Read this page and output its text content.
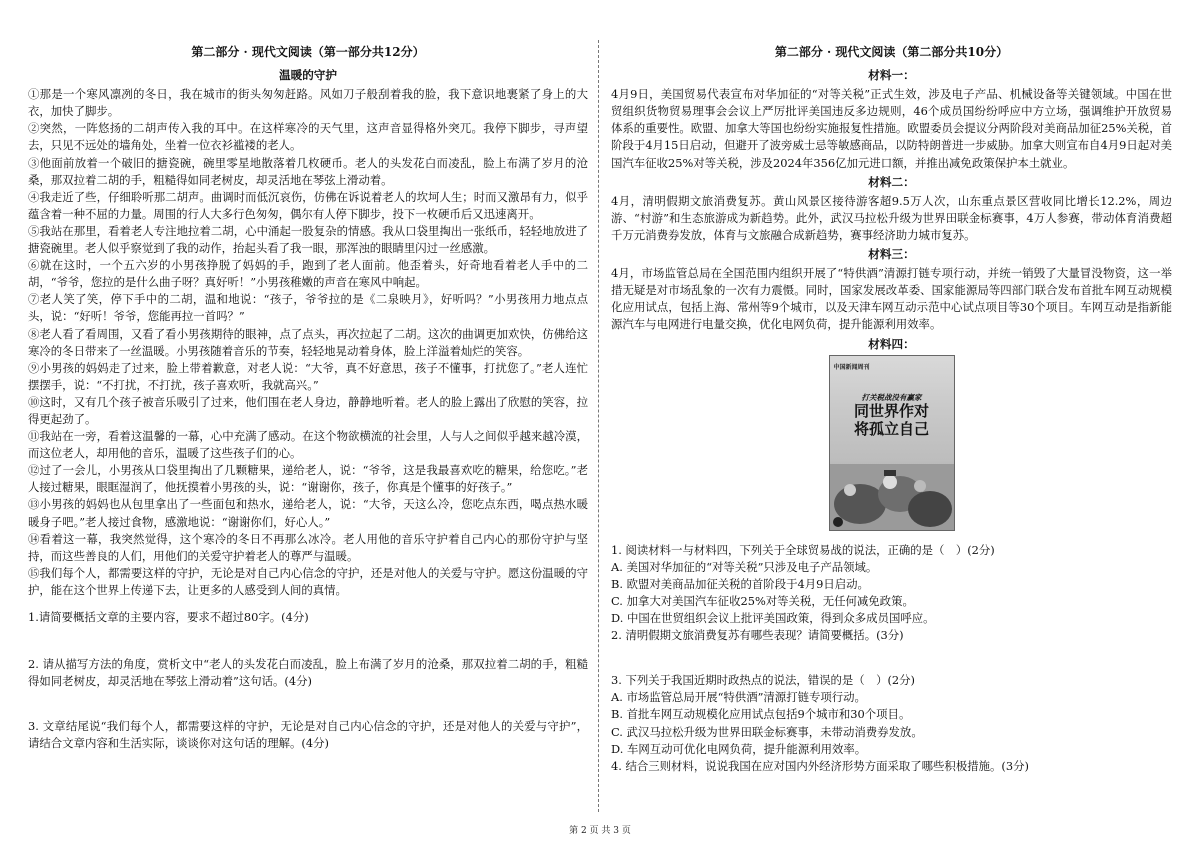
第二部分 · 现代文阅读（第一部分共12分）
温暖的守护

①那是一个寒风凛冽的冬日，我在城市的街头匆匆赶路。风如刀子般刮着我的脸，我下意识地裹紧了身上的大衣，加快了脚步。

②突然，一阵悠扬的二胡声传入我的耳中。在这样寒冷的天气里，这声音显得格外突兀。我停下脚步，寻声望去，只见不远处的墙角处，坐着一位衣衫褴褛的老人。

③他面前放着一个破旧的搪瓷碗，碗里零星地散落着几枚硬币。老人的头发花白而凌乱，脸上布满了岁月的沧桑，那双拉着二胡的手，粗糙得如同老树皮，却灵活地在琴弦上滑动着。

④我走近了些，仔细聆听那二胡声。曲调时而低沉哀伤，仿佛在诉说着老人的坎坷人生；时而又激昂有力，似乎蕴含着一种不屈的力量。周围的行人大多行色匆匆，偶尔有人停下脚步，投下一枚硬币后又迅速离开。

⑤我站在那里，看着老人专注地拉着二胡，心中涌起一股复杂的情感。我从口袋里掏出一张纸币，轻轻地放进了搪瓷碗里。老人似乎察觉到了我的动作，抬起头看了我一眼，那浑浊的眼睛里闪过一丝感激。

⑥就在这时，一个五六岁的小男孩挣脱了妈妈的手，跑到了老人面前。他歪着头，好奇地看着老人手中的二胡，“爷爷，您拉的是什么曲子呀？真好听！”小男孩稚嫩的声音在寒风中响起。

⑦老人笑了笑，停下手中的二胡，温和地说：“孩子，爷爷拉的是《二泉映月》，好听吗？”小男孩用力地点点头，说：“好听！爷爷，您能再拉一首吗？”

⑧老人看了看周围，又看了看小男孩期待的眼神，点了点头，再次拉起了二胡。这次的曲调更加欢快，仿佛给这寒冷的冬日带来了一丝温暖。小男孩随着音乐的节奏，轻轻地晃动着身体，脸上洋溢着灿烂的笑容。

⑨小男孩的妈妈走了过来，脸上带着歉意，对老人说：“大爷，真不好意思，孩子不懂事，打扰您了。”老人连忙摆摆手，说：“不打扰，不打扰，孩子喜欢听，我就高兴。”

⑩这时，又有几个孩子被音乐吸引了过来，他们围在老人身边，静静地听着。老人的脸上露出了欣慰的笑容，拉得更起劲了。

⑪我站在一旁，看着这温馨的一幕，心中充满了感动。在这个物欲横流的社会里，人与人之间似乎越来越冷漠，而这位老人，却用他的音乐，温暖了这些孩子们的心。

⑫过了一会儿，小男孩从口袋里掏出了几颗糖果，递给老人，说：“爷爷，这是我最喜欢吃的糖果，给您吃。”老人接过糖果，眼眶湿润了，他抚摸着小男孩的头，说：“谢谢你，孩子，你真是个懂事的好孩子。”

⑬小男孩的妈妈也从包里拿出了一些面包和热水，递给老人，说：“大爷，天这么冷，您吃点东西，喝点热水暖暖身子吧。”老人接过食物，感激地说：“谢谢你们，好心人。”

⑭看着这一幕，我突然觉得，这个寒冷的冬日不再那么冰冷。老人用他的音乐守护着自己内心的那份守护与坚持，而这些善良的人们，用他们的关爱守护着老人的尊严与温暖。

⑮我们每个人，都需要这样的守护，无论是对自己内心信念的守护，还是对他人的关爱与守护。愿这份温暖的守护，能在这个世界上传递下去，让更多的人感受到人间的真情。

1.请简要概括文章的主要内容，要求不超过80字。(4分)

2. 请从描写方法的角度，赏析文中“老人的头发花白而凌乱，脸上布满了岁月的沧桑，那双拉着二胡的手，粗糙得如同老树皮，却灵活地在琴弦上滑动着”这句话。(4分)

3. 文章结尾说“我们每个人，都需要这样的守护，无论是对自己内心信念的守护，还是对他人的关爱与守护”，请结合文章内容和生活实际，谈谈你对这句话的理解。(4分)

第二部分 · 现代文阅读（第二部分共10分）
材料一：

4月9日，美国贸易代表宣布对华加征的“对等关税”正式生效，涉及电子产品、机械设备等关键领域。中国在世贸组织货物贸易理事会会议上严厉批评美国违反多边规则，46个成员国纷纷呼应中方立场，强调维护开放贸易体系的重要性。欧盟、加拿大等国也纷纷实施报复性措施。欧盟委员会提议分两阶段对美商品加征25%关税，首阶段于4月15日启动，但避开了波旁威士忌等敏感商品，以防特朗普进一步威胁。加拿大则宣布自4月9日起对美国汽车征收25%对等关税，涉及2024年356亿加元进口额，并推出减免政策保护本土就业。

材料二：

4月，清明假期文旅消费复苏。黄山风景区接待游客超9.5万人次，山东重点景区营收同比增长12.2%，周边游、“村游”和生态旅游成为新趋势。此外，武汉马拉松升级为世界田联金标赛事，4万人参赛，带动体育消费超千万元消费券发放，体育与文旅融合成新趋势，赛事经济助力城市复苏。

材料三：

4月，市场监管总局在全国范围内组织开展了“特供酒”清源打链专项行动，并统一销毁了大量冒没物资，这一举措无疑是对市场乱象的一次有力震慑。同时，国家发展改革委、国家能源局等四部门联合发布首批车网互动规模化应用试点，包括上海、常州等9个城市，以及天津车网互动示范中心试点项目等30个项目。车网互动是指新能源汽车与电网进行电量交换，优化电网负荷，提升能源利用效率。

材料四：
中国新闻周刊
打关税战没有赢家
同世界作对
将孤立自己

1. 阅读材料一与材料四，下列关于全球贸易战的说法，正确的是（　）(2分)

A. 美国对华加征的“对等关税”只涉及电子产品领域。

B. 欧盟对美商品加征关税的首阶段于4月9日启动。

C. 加拿大对美国汽车征收25%对等关税，无任何减免政策。

D. 中国在世贸组织会议上批评美国政策，得到众多成员国呼应。

2. 清明假期文旅消费复苏有哪些表现？请简要概括。(3分)

3. 下列关于我国近期时政热点的说法，错误的是（　）(2分)

A. 市场监管总局开展“特供酒”清源打链专项行动。

B. 首批车网互动规模化应用试点包括9个城市和30个项目。

C. 武汉马拉松升级为世界田联金标赛事，未带动消费券发放。

D. 车网互动可优化电网负荷，提升能源利用效率。

4. 结合三则材料，说说我国在应对国内外经济形势方面采取了哪些积极措施。(3分)

第 2 页 共 3 页
